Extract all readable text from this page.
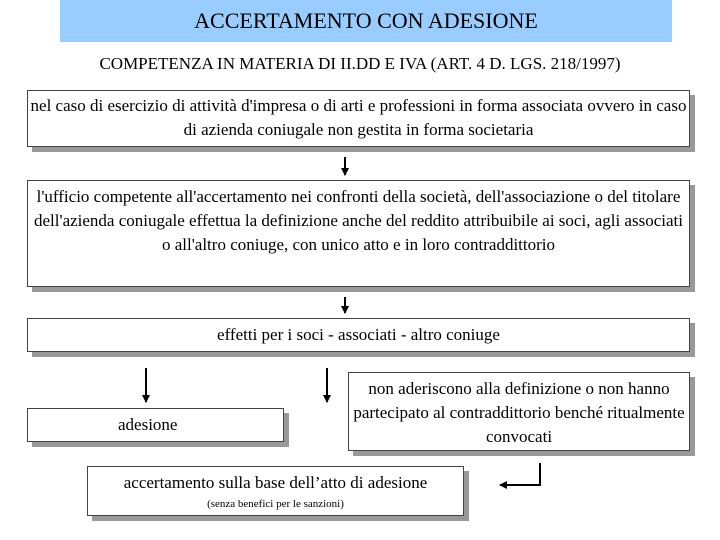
ACCERTAMENTO CON ADESIONE
COMPETENZA IN MATERIA DI II.DD E IVA (ART. 4 D. LGS. 218/1997)
nel caso di esercizio di attività d'impresa o di arti e professioni in forma associata ovvero in caso di azienda coniugale non gestita in forma societaria
l'ufficio competente all'accertamento nei confronti della società, dell'associazione o del titolare dell'azienda coniugale effettua la definizione anche del reddito attribuibile ai soci, agli associati o all'altro coniuge, con unico atto e in loro contraddittorio
effetti per i soci - associati - altro coniuge
adesione
non aderiscono alla definizione o non hanno partecipato al contraddittorio benché ritualmente convocati
accertamento sulla base dell’atto di adesione
(senza benefici per le sanzioni)
